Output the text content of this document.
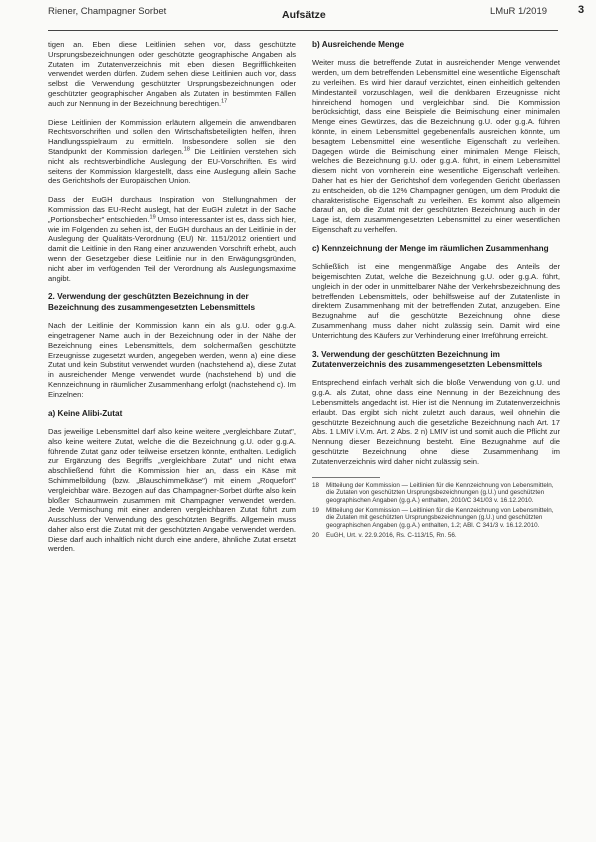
Riener, Champagner Sorbet	Aufsätze	LMuR 1/2019	3

tigen an. Eben diese Leitlinien sehen vor, dass geschützte Ursprungsbezeichnungen oder geschützte geographische Angaben als Zutaten im Zutatenverzeichnis mit eben diesen Begrifflichkeiten verwendet werden dürfen. Zudem sehen diese Leitlinien auch vor, dass selbst die Verwendung geschützter Ursprungsbezeichnungen oder geschützter geographischer Angaben als Zutaten in bestimmten Fällen auch zur Nennung in der Bezeichnung berechtigen.$^{17}$

Diese Leitlinien der Kommission erläutern allgemein die anwendbaren Rechtsvorschriften und sollen den Wirtschaftsbeteiligten helfen, ihren Handlungsspielraum zu ermitteln. Insbesondere sollen sie den Standpunkt der Kommission darlegen.$^{18}$ Die Leitlinien verstehen sich nicht als rechtsverbindliche Auslegung der EU-Vorschriften. Es wird seitens der Kommission klargestellt, dass eine Auslegung allein Sache des Gerichtshofs der Europäischen Union.

Dass der EuGH durchaus Inspiration von Stellungnahmen der Kommission das EU-Recht auslegt, hat der EuGH zuletzt in der Sache „Portionsbecher" entschieden.$^{19}$ Umso interessanter ist es, dass sich hier, wie im Folgenden zu sehen ist, der EuGH durchaus an der Leitlinie in der Auslegung der Qualitäts-Verordnung (EU) Nr. 1151/2012 orientiert und damit die Leitlinie in den Rang einer anzuwenden Vorschrift erhebt, auch wenn der Gesetzgeber diese Leitlinie nur in den Erwägungsgründen, nicht aber im verfügenden Teil der Verordnung als Auslegungsmaxime angibt.

2. Verwendung der geschützten Bezeichnung in der Bezeichnung des zusammengesetzten Lebensmittels

Nach der Leitlinie der Kommission kann ein als g.U. oder g.g.A. eingetragener Name auch in der Bezeichnung oder in der Nähe der Bezeichnung eines Lebensmittels, dem solchermaßen geschützte Erzeugnisse zugesetzt wurden, angegeben werden, wenn a) eine diese Zutat und kein Substitut verwendet wurden (nachstehend a), diese Zutat in ausreichender Menge verwendet wurde (nachstehend b) und die Kennzeichnung in räumlicher Zusammenhang erfolgt (nachstehend c). Im Einzelnen:

a) Keine Alibi-Zutat

Das jeweilige Lebensmittel darf also keine weitere „vergleichbare Zutat", also keine weitere Zutat, welche die die Bezeichnung g.U. oder g.g.A. führende Zutat ganz oder teilweise ersetzen könnte, enthalten. Lediglich zur Ergänzung des Begriffs „vergleichbare Zutat" und nicht etwa abschließend führt die Kommission hier an, dass ein Käse mit Schimmelbildung (bzw. „Blauschimmelkäse") mit einem „Roquefort" vergleichbar wäre. Bezogen auf das Champagner-Sorbet dürfte also kein bloßer Schaumwein zusammen mit Champagner verwendet werden. Jede Vermischung mit einer anderen vergleichbaren Zutat führt zum Ausschluss der Verwendung des geschützten Begriffs. Allgemein muss daher also erst die Zutat mit der geschützten Angabe verwendet werden. Diese darf auch inhaltlich nicht durch eine andere, ähnliche Zutat ersetzt werden.

b) Ausreichende Menge

Weiter muss die betreffende Zutat in ausreichender Menge verwendet werden, um dem betreffenden Lebensmittel eine wesentliche Eigenschaft zu verleihen. Es wird hier darauf verzichtet, einen einheitlich geltenden Mindestanteil vorzuschlagen, weil die denkbaren Erzeugnisse nicht hinreichend homogen und vergleichbar sind. Die Kommission berücksichtigt, dass eine Beispiele die Beimischung einer minimalen Menge eines Gewürzes, das die Bezeichnung g.U. oder g.g.A. führen könnte, in einem Lebensmittel gegebenenfalls ausreichen könnte, um besagtem Lebensmittel eine wesentliche Eigenschaft zu verleihen. Dagegen würde die Beimischung einer minimalen Menge Fleisch, welches die Bezeichnung g.U. oder g.g.A. führt, in einem Lebensmittel diesem nicht von vornherein eine wesentliche Eigenschaft verleihen. Daher hat es hier der Gerichtshof dem vorlegenden Gericht überlassen zu entscheiden, ob die 12% Champagner genügen, um dem Produkt die charakteristische Eigenschaft zu verleihen. Es kommt also allgemein darauf an, ob die Zutat mit der geschützten Bezeichnung auch in der Lage ist, dem zusammengesetzten Lebensmittel zu einer wesentlichen Eigenschaft zu verhelfen.

c) Kennzeichnung der Menge im räumlichen Zusammenhang

Schließlich ist eine mengenmäßige Angabe des Anteils der beigemischten Zutat, welche die Bezeichnung g.U. oder g.g.A. führt, ungleich in der oder in unmittelbarer Nähe der Verkehrsbezeichnung des betreffenden Lebensmittels, oder behilfsweise auf der Zutatenliste in direktem Zusammenhang mit der betreffenden Zutat, anzugeben. Eine Bezugnahme auf die geschützte Bezeichnung ohne diese Zusammenhang muss daher nicht zulässig sein. Damit wird eine Unterrichtung des Käufers zur Verhinderung einer Irreführung erreicht.

3. Verwendung der geschützten Bezeichnung im Zutatenverzeichnis des zusammengesetzten Lebensmittels

Entsprechend einfach verhält sich die bloße Verwendung von g.U. und g.g.A. als Zutat, ohne dass eine Nennung in der Bezeichnung des Lebensmittels angedacht ist. Hier ist die Nennung im Zutatenverzeichnis erlaubt. Das ergibt sich nicht zuletzt auch daraus, weil ohnehin die geschützte Bezeichnung auch die gesetzliche Bezeichnung nach Art. 17 Abs. 1 LMIV i.V.m. Art. 2 Abs. 2 n) LMIV ist und somit auch die Pflicht zur Nennung dieser Bezeichnung besteht. Eine Bezugnahme auf die geschützte Bezeichnung ohne diese Zusammenhang im Zutatenverzeichnis wird daher nicht zulässig sein.

18	Mitteilung der Kommission — Leitlinien für die Kennzeichnung von Lebensmitteln, die Zutaten von geschützten Ursprungsbezeichnungen (g.U.) und geschützten geographischen Angaben (g.g.A.) enthalten, 2010/C 341/03 v. 16.12.2010.
19	Mitteilung der Kommission — Leitlinien für die Kennzeichnung von Lebensmitteln, die Zutaten mit geschützten Ursprungsbezeichnungen (g.U.) und geschützten geographischen Angaben (g.g.A.) enthalten, 1.2; ABl. C 341/3 v. 16.12.2010.
20	EuGH, Urt. v. 22.9.2016, Rs. C-113/15, Rn. 56.
